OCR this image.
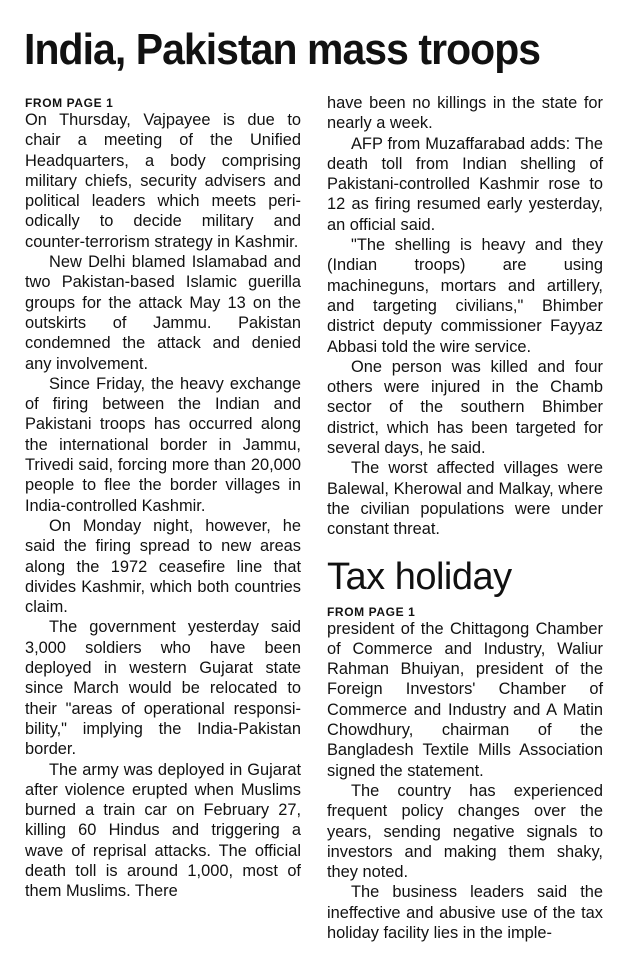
India, Pakistan mass troops

FROM PAGE 1

On Thursday, Vajpayee is due to chair a meeting of the Unified Headquarters, a body comprising military chiefs, security advisers and political leaders which meets periodically to decide military and counter-terrorism strategy in Kashmir.

New Delhi blamed Islamabad and two Pakistan-based Islamic guerilla groups for the attack May 13 on the outskirts of Jammu. Pakistan condemned the attack and denied any involvement.

Since Friday, the heavy exchange of firing between the Indian and Pakistani troops has occurred along the international border in Jammu, Trivedi said, forcing more than 20,000 people to flee the border villages in India-controlled Kashmir.

On Monday night, however, he said the firing spread to new areas along the 1972 ceasefire line that divides Kashmir, which both countries claim.

The government yesterday said 3,000 soldiers who have been deployed in western Gujarat state since March would be relocated to their "areas of operational responsibility," implying the India-Pakistan border.

The army was deployed in Gujarat after violence erupted when Muslims burned a train car on February 27, killing 60 Hindus and triggering a wave of reprisal attacks. The official death toll is around 1,000, most of them Muslims. There

have been no killings in the state for nearly a week.

AFP from Muzaffarabad adds: The death toll from Indian shelling of Pakistani-controlled Kashmir rose to 12 as firing resumed early yesterday, an official said.

"The shelling is heavy and they (Indian troops) are using machineguns, mortars and artillery, and targeting civilians," Bhimber district deputy commissioner Fayyaz Abbasi told the wire service.

One person was killed and four others were injured in the Chamb sector of the southern Bhimber district, which has been targeted for several days, he said.

The worst affected villages were Balewal, Kherowal and Malkay, where the civilian populations were under constant threat.

Tax holiday

FROM PAGE 1

president of the Chittagong Chamber of Commerce and Industry, Waliur Rahman Bhuiyan, president of the Foreign Investors' Chamber of Commerce and Industry and A Matin Chowdhury, chairman of the Bangladesh Textile Mills Association signed the statement.

The country has experienced frequent policy changes over the years, sending negative signals to investors and making them shaky, they noted.

The business leaders said the ineffective and abusive use of the tax holiday facility lies in the imple-
